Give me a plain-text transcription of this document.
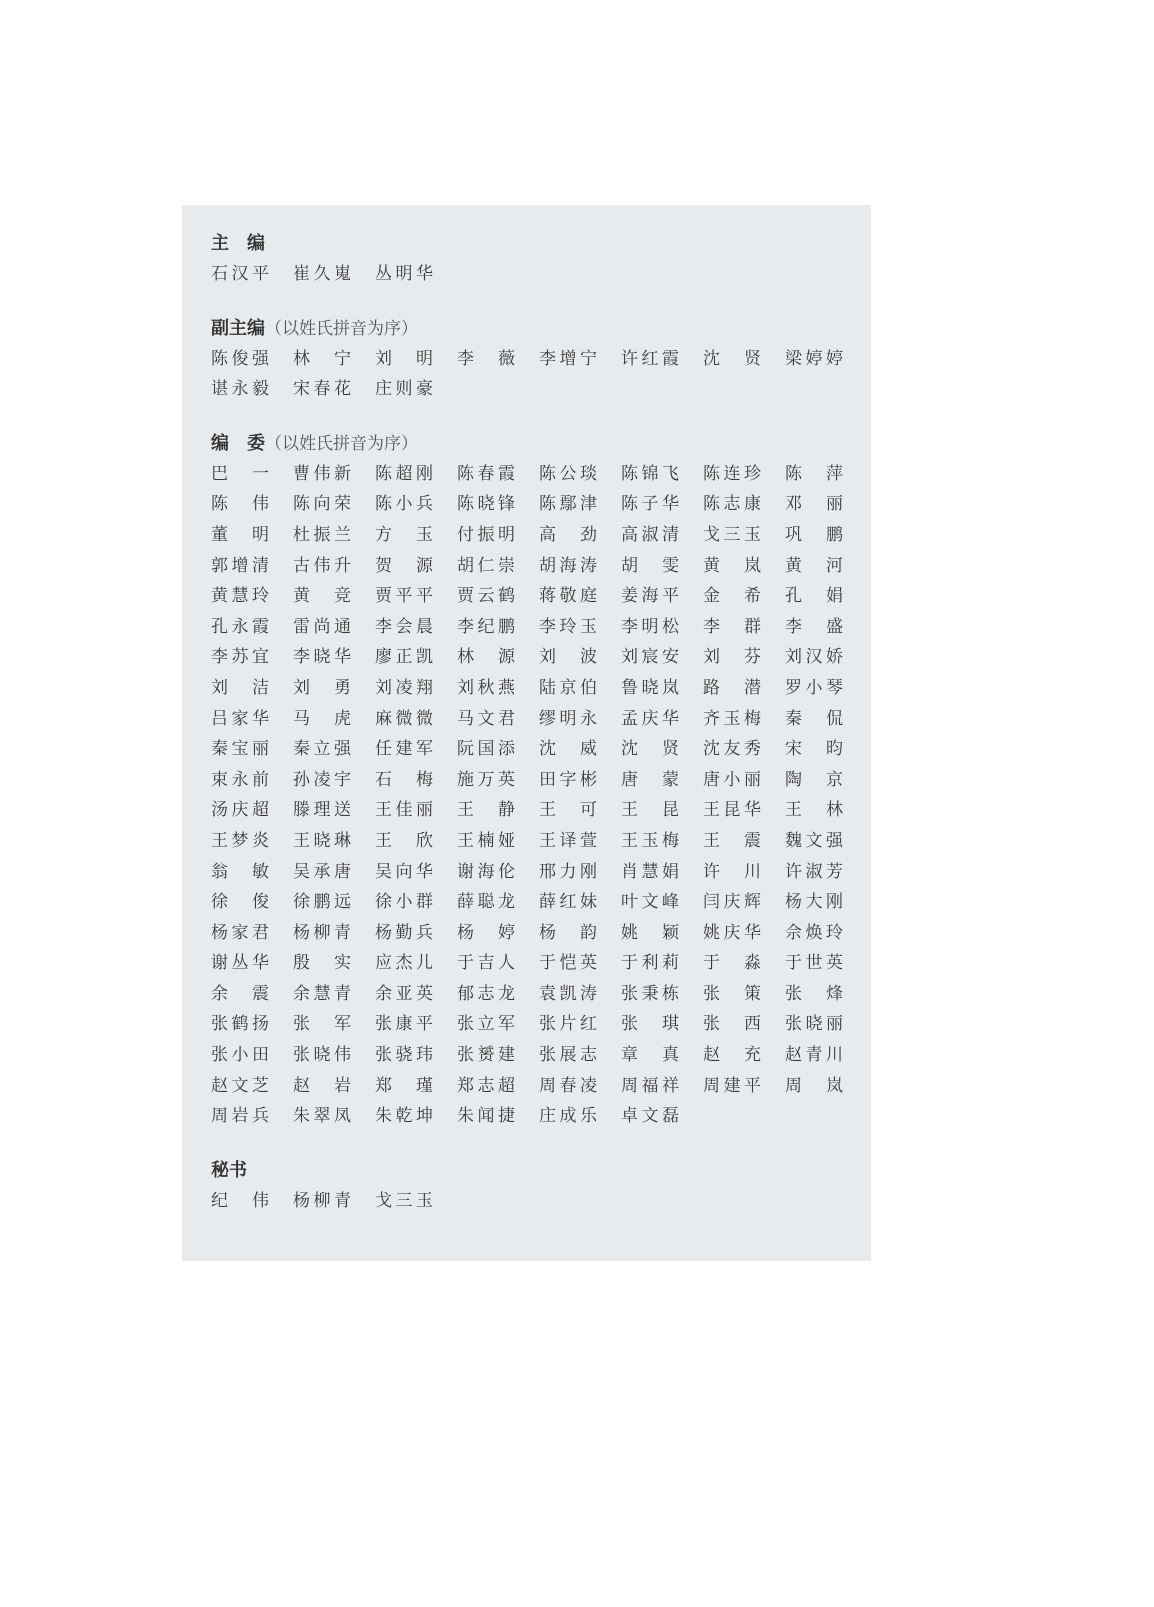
主　编
石汉平 崔久嵬 丛明华
副主编（以姓氏拼音为序）
陈俊强 林　宁 刘　明 李　薇 李增宁 许红霞 沈　贤 梁婷婷
谌永毅 宋春花 庄则豪
编　委（以姓氏拼音为序）
巴　一 曹伟新 陈超刚 陈春霞 陈公琰 陈锦飞 陈连珍 陈　萍
陈　伟 陈向荣 陈小兵 陈晓锋 陈鄢津 陈子华 陈志康 邓　丽
董　明 杜振兰 方　玉 付振明 高　劲 高淑清 戈三玉 巩　鹏
郭增清 古伟升 贺　源 胡仁崇 胡海涛 胡　雯 黄　岚 黄　河
黄慧玲 黄　竞 贾平平 贾云鹤 蒋敬庭 姜海平 金　希 孔　娟
孔永霞 雷尚通 李会晨 李纪鹏 李玲玉 李明松 李　群 李　盛
李苏宜 李晓华 廖正凯 林　源 刘　波 刘宸安 刘　芬 刘汉娇
刘　洁 刘　勇 刘凌翔 刘秋燕 陆京伯 鲁晓岚 路　潜 罗小琴
吕家华 马　虎 麻微微 马文君 缪明永 孟庆华 齐玉梅 秦　侃
秦宝丽 秦立强 任建军 阮国添 沈　威 沈　贤 沈友秀 宋　昀
束永前 孙凌宇 石　梅 施万英 田字彬 唐　蒙 唐小丽 陶　京
汤庆超 滕理送 王佳丽 王　静 王　可 王　昆 王昆华 王　林
王梦炎 王晓琳 王　欣 王楠娅 王译萱 王玉梅 王　震 魏文强
翁　敏 吴承唐 吴向华 谢海伦 邢力刚 肖慧娟 许　川 许淑芳
徐　俊 徐鹏远 徐小群 薛聪龙 薛红妹 叶文峰 闫庆辉 杨大刚
杨家君 杨柳青 杨勤兵 杨　婷 杨　韵 姚　颖 姚庆华 佘焕玲
谢丛华 殷　实 应杰儿 于吉人 于恺英 于利莉 于　淼 于世英
余　震 余慧青 余亚英 郁志龙 袁凯涛 张秉栋 张　策 张　烽
张鹤扬 张　军 张康平 张立军 张片红 张　琪 张　西 张晓丽
张小田 张晓伟 张骁玮 张赟建 张展志 章　真 赵　充 赵青川
赵文芝 赵　岩 郑　瑾 郑志超 周春凌 周福祥 周建平 周　岚
周岩兵 朱翠凤 朱乾坤 朱闻捷 庄成乐 卓文磊
秘书
纪　伟 杨柳青 戈三玉
